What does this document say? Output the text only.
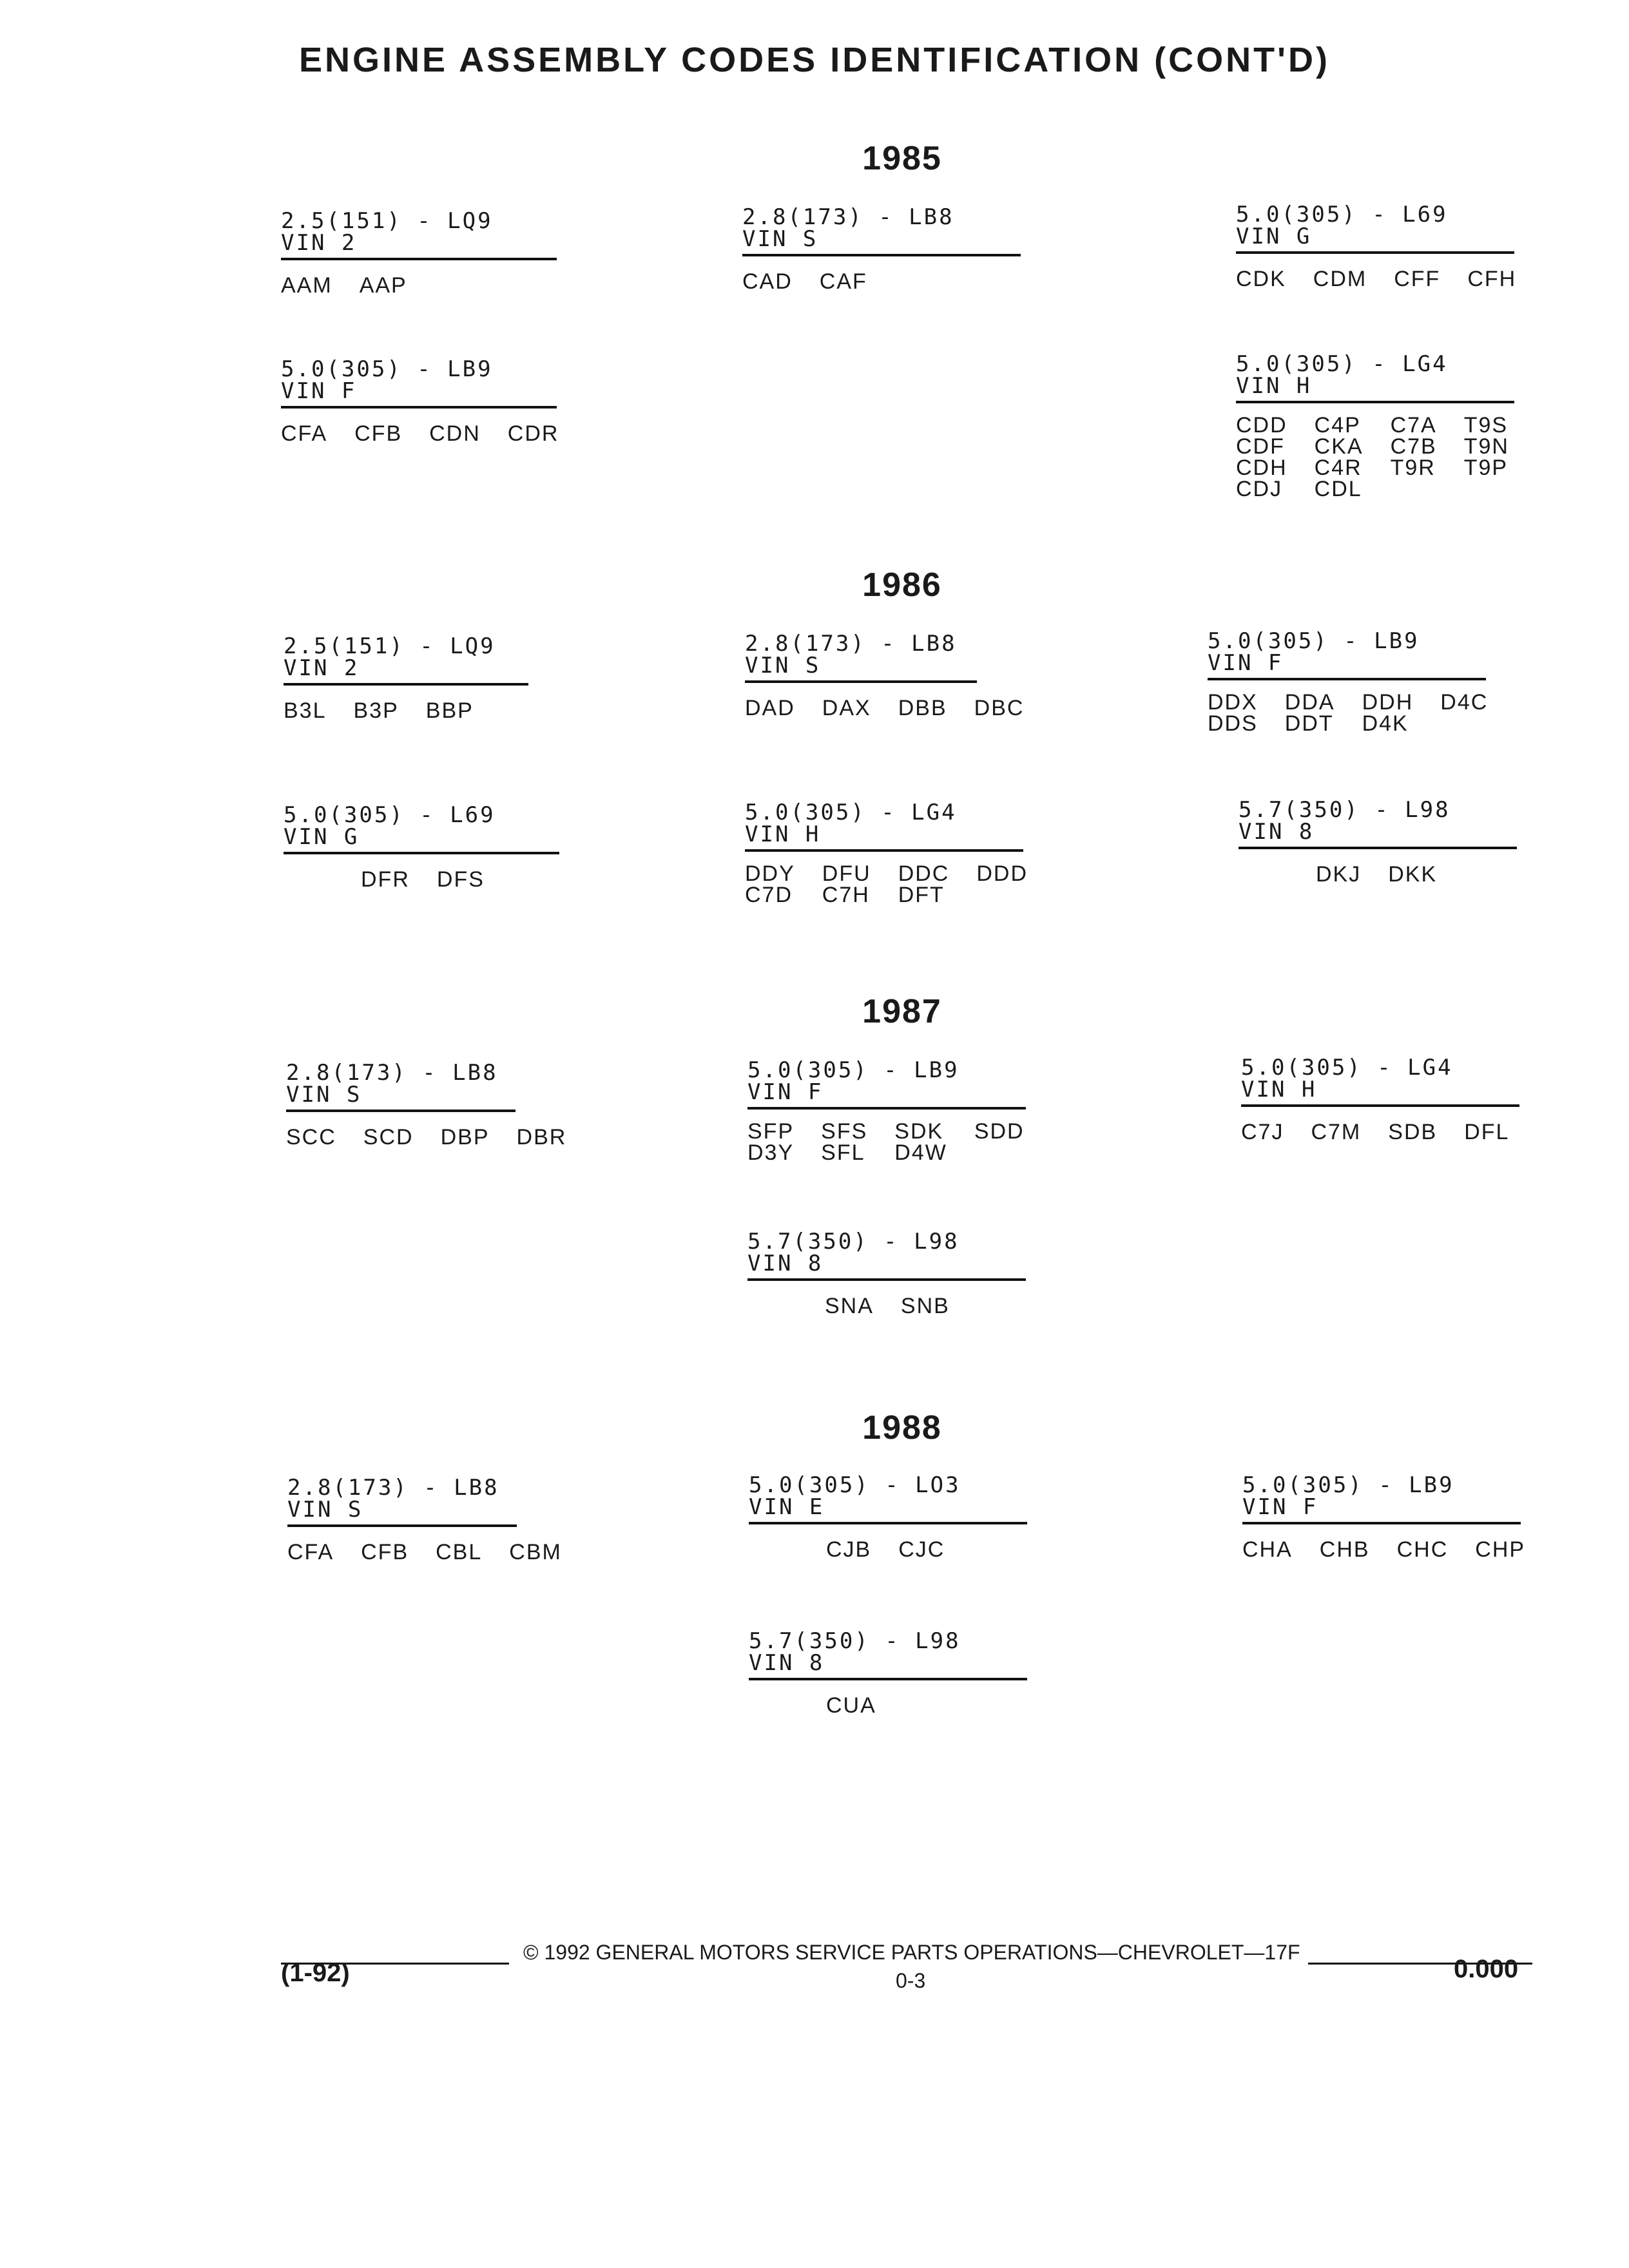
ENGINE ASSEMBLY CODES IDENTIFICATION (CONT'D)
1985
1986
1987
1988
2.5(151) - LQ9
VIN 2
AAM AAP
2.8(173) - LB8
VIN S
CAD CAF
5.0(305) - L69
VIN G
CDK CDM CFF CFH
5.0(305) - LB9
VIN F
CFA CFB CDN CDR
5.0(305) - LG4
VIN H
CDD C4P C7A T9S
CDF CKA C7B T9N
CDH C4R T9R T9P
CDJ CDL
2.5(151) - LQ9
VIN 2
B3L B3P BBP
2.8(173) - LB8
VIN S
DAD DAX DBB DBC
5.0(305) - LB9
VIN F
DDX DDA DDH D4C
DDS DDT D4K
5.0(305) - L69
VIN G
DFR DFS
5.0(305) - LG4
VIN H
DDY DFU DDC DDD
C7D C7H DFT
5.7(350) - L98
VIN 8
DKJ DKK
2.8(173) - LB8
VIN S
SCC SCD DBP DBR
5.0(305) - LB9
VIN F
SFP SFS SDK SDD
D3Y SFL D4W
5.0(305) - LG4
VIN H
C7J C7M SDB DFL
5.7(350) - L98
VIN 8
SNA SNB
2.8(173) - LB8
VIN S
CFA CFB CBL CBM
5.0(305) - LO3
VIN E
CJB CJC
5.0(305) - LB9
VIN F
CHA CHB CHC CHP
5.7(350) - L98
VIN 8
CUA
© 1992 GENERAL MOTORS SERVICE PARTS OPERATIONS—CHEVROLET—17F
(1-92)	0-3	0.000
